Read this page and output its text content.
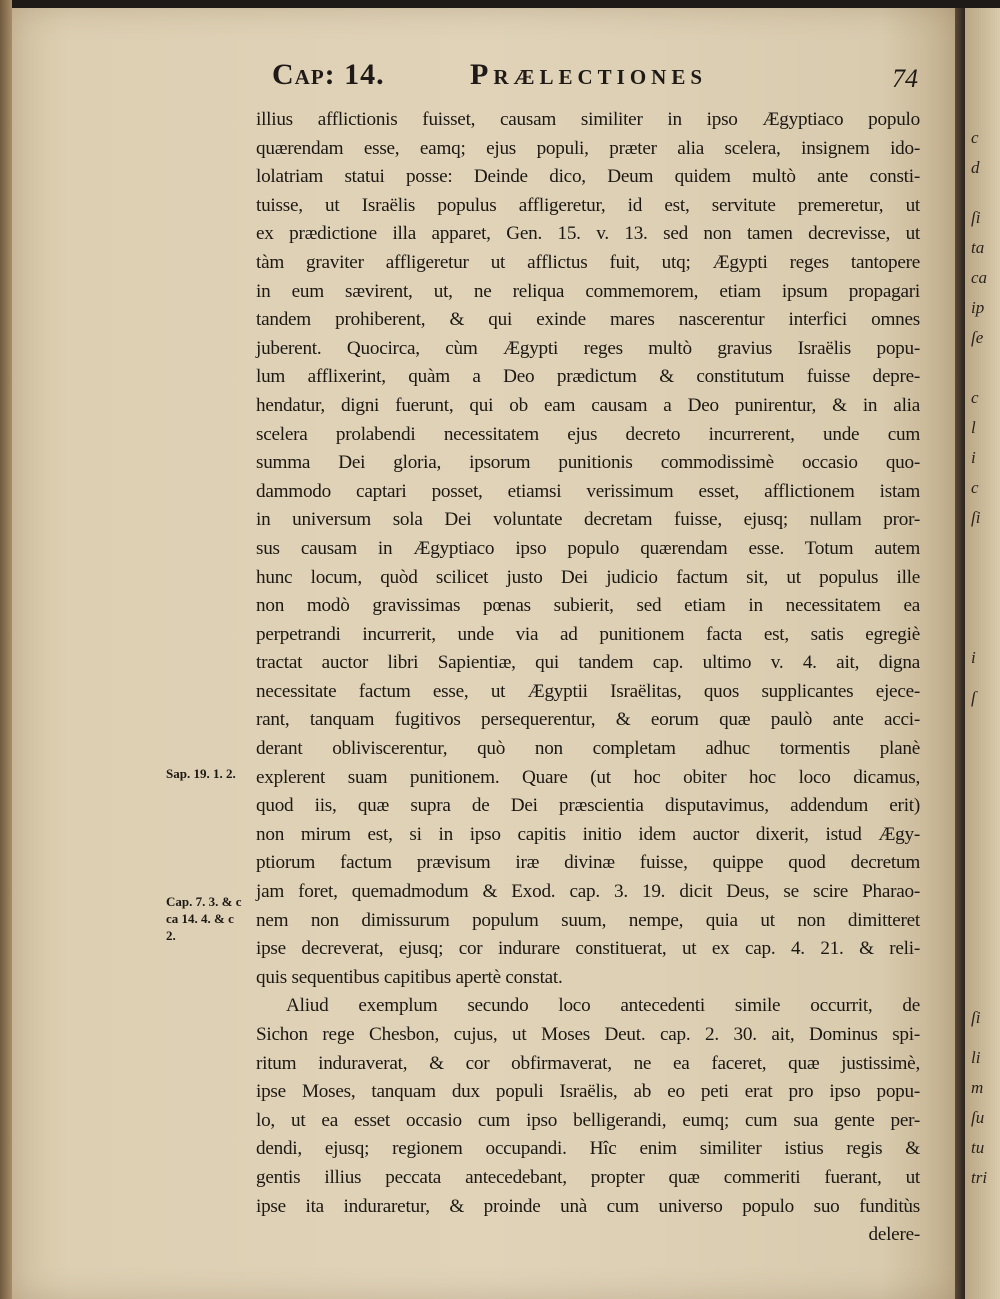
Cap: 14.	Prælectiones	74
illius afflictionis fuisset, causam similiter in ipso Ægyptiaco populo
quærendam esse, eamq; ejus populi, præter alia scelera, insignem ido-
lolatriam statui posse: Deinde dico, Deum quidem multò ante consti-
tuisse, ut Israëlis populus affligeretur, id est, servitute premeretur, ut
ex prædictione illa apparet, Gen. 15. v. 13. sed non tamen decrevisse, ut
tàm graviter affligeretur ut afflictus fuit, utq; Ægypti reges tantopere
in eum sævirent, ut, ne reliqua commemorem, etiam ipsum propagari
tandem prohiberent, & qui exinde mares nascerentur interfici omnes
juberent. Quocirca, cùm Ægypti reges multò gravius Israëlis popu-
lum afflixerint, quàm a Deo prædictum & constitutum fuisse depre-
hendatur, digni fuerunt, qui ob eam causam a Deo punirentur, & in alia
scelera prolabendi necessitatem ejus decreto incurrerent, unde cum
summa Dei gloria, ipsorum punitionis commodissimè occasio quo-
dammodo captari posset, etiamsi verissimum esset, afflictionem istam
in universum sola Dei voluntate decretam fuisse, ejusq; nullam pror-
sus causam in Ægyptiaco ipso populo quærendam esse. Totum autem
hunc locum, quòd scilicet justo Dei judicio factum sit, ut populus ille
non modò gravissimas pœnas subierit, sed etiam in necessitatem ea
perpetrandi incurrerit, unde via ad punitionem facta est, satis egregiè
tractat auctor libri Sapientiæ, qui tandem cap. ultimo v. 4. ait, digna
necessitate factum esse, ut Ægyptii Israëlitas, quos supplicantes ejece-
rant, tanquam fugitivos persequerentur, & eorum quæ paulò ante acci-
derant obliviscerentur, quò non completam adhuc tormentis planè
explerent suam punitionem. Quare (ut hoc obiter hoc loco dicamus,
quod iis, quæ supra de Dei præscientia disputavimus, addendum erit)
non mirum est, si in ipso capitis initio idem auctor dixerit, istud Ægy-
ptiorum factum prævisum iræ divinæ fuisse, quippe quod decretum
jam foret, quemadmodum & Exod. cap. 3. 19. dicit Deus, se scire Pharao-
nem non dimissurum populum suum, nempe, quia ut non dimitteret
ipse decreverat, ejusq; cor indurare constituerat, ut ex cap. 4. 21. & reli-
quis sequentibus capitibus apertè constat.
Aliud exemplum secundo loco antecedenti simile occurrit, de
Sichon rege Chesbon, cujus, ut Moses Deut. cap. 2. 30. ait, Dominus spi-
ritum induraverat, & cor obfirmaverat, ne ea faceret, quæ justissimè,
ipse Moses, tanquam dux populi Israëlis, ab eo peti erat pro ipso popu-
lo, ut ea esset occasio cum ipso belligerandi, eumq; cum sua gente per-
dendi, ejusq; regionem occupandi. Hîc enim similiter istius regis &
gentis illius peccata antecedebant, propter quæ commeriti fuerant, ut
ipse ita induraretur, & proinde unà cum universo populo suo funditùs
delere-
Sap. 19. 1. 2.
Cap. 7. 3. & c
ca 14. 4. & c
2.
c
d
ſi
ta
ca
ip
ſe
c
l
i
c
ſi
i
ſ
ſi
li
m
ſu
tu
tri
